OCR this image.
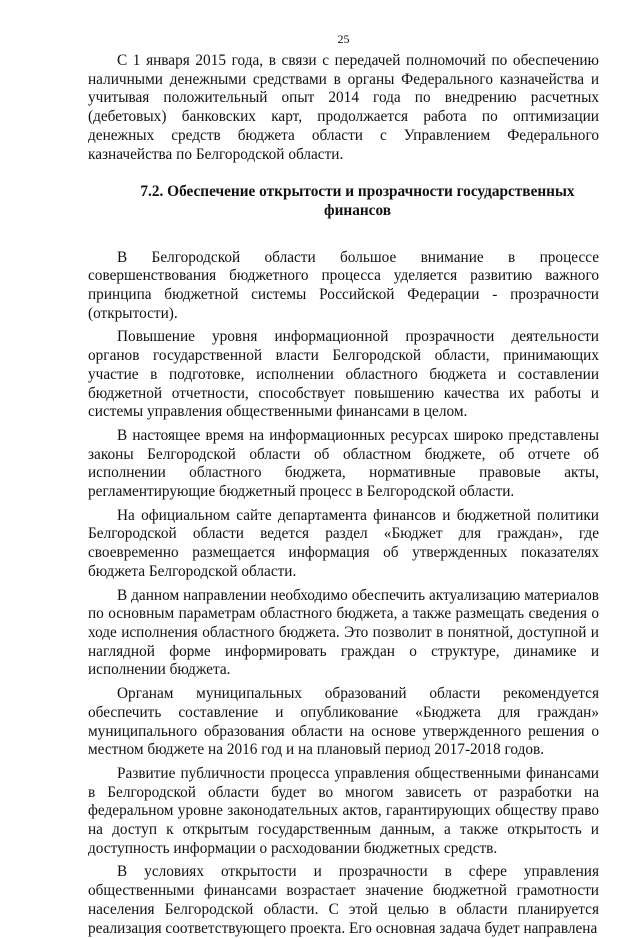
25

С 1 января 2015 года, в связи с передачей полномочий по обеспечению наличными денежными средствами в органы Федерального казначейства и учитывая положительный опыт 2014 года по внедрению расчетных (дебетовых) банковских карт, продолжается работа по оптимизации денежных средств бюджета области с Управлением Федерального казначейства по Белгородской области.

7.2. Обеспечение открытости и прозрачности государственных финансов

В Белгородской области большое внимание в процессе совершенствования бюджетного процесса уделяется развитию важного принципа бюджетной системы Российской Федерации - прозрачности (открытости).

Повышение уровня информационной прозрачности деятельности органов государственной власти Белгородской области, принимающих участие в подготовке, исполнении областного бюджета и составлении бюджетной отчетности, способствует повышению качества их работы и системы управления общественными финансами в целом.

В настоящее время на информационных ресурсах широко представлены законы Белгородской области об областном бюджете, об отчете об исполнении областного бюджета, нормативные правовые акты, регламентирующие бюджетный процесс в Белгородской области.

На официальном сайте департамента финансов и бюджетной политики Белгородской области ведется раздел «Бюджет для граждан», где своевременно размещается информация об утвержденных показателях бюджета Белгородской области.

В данном направлении необходимо обеспечить актуализацию материалов по основным параметрам областного бюджета, а также размещать сведения о ходе исполнения областного бюджета. Это позволит в понятной, доступной и наглядной форме информировать граждан о структуре, динамике и исполнении бюджета.

Органам муниципальных образований области рекомендуется обеспечить составление и опубликование «Бюджета для граждан» муниципального образования области на основе утвержденного решения о местном бюджете на 2016 год и на плановый период 2017-2018 годов.

Развитие публичности процесса управления общественными финансами в Белгородской области будет во многом зависеть от разработки на федеральном уровне законодательных актов, гарантирующих обществу право на доступ к открытым государственным данным, а также открытость и доступность информации о расходовании бюджетных средств.

В условиях открытости и прозрачности в сфере управления общественными финансами возрастает значение бюджетной грамотности населения Белгородской области. С этой целью в области планируется реализация соответствующего проекта. Его основная задача будет направлена
